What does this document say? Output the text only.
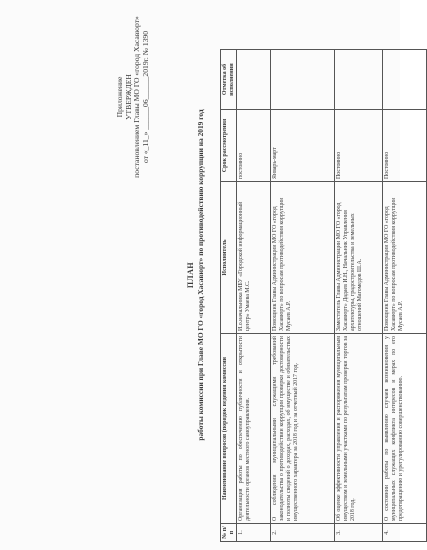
Приложение УТВЕРЖДЕН постановлением Главы МО ГО «город Хасавюрт» от «_11_» ______06______2019г. № 1390
ПЛАН работы комиссии при Главе МО ГО «город Хасавюрт» по противодействию коррупции на 2019 год
№ п/п	Наименование вопросов (порядок ведения комиссии	Исполнитель	Срок рассмотрения	Отметка об исполнении
1.	Организация работы по обеспечению публичности и открытости деятельности органов местного самоуправления.	И.о.начальника МБУ «Городской информационный центр» Умаева М.С.	постоянно	
2.	О соблюдении муниципальными служащими требований законодательства о противодействии коррупции проверки достоверности и полноты сведений о доходах, расходах, об имуществе и обязательствах имущественного характера за 2018 год и за отчетный 2017 год.	Помощник Главы Администрации МО ГО «город Хасавюрт» по вопросам противодействия коррупции Мусаев А.Р.	Январь-март	
3.	Об оценке эффективности управления и распоряжения муниципальным имуществом и земельными участками по результатам проверки торгов за 2018 год.	Заместитель Главы Администрации МО ГО «город Хасавюрт» Дадаев И.Н., Начальник Управления архитектуры, градостроительства и земельных отношений Магомедов Ш.А.	Постоянно	
4.	О состоянии работы по выявлению случаев возникновения у муниципальных служащих конфликта интересов и мерах по его предотвращению и урегулированию совершенствованию.	Помощник Главы Администрации МО ГО «город Хасавюрт» по вопросам противодействия коррупции Мусаев А.Р.	Постоянно	
